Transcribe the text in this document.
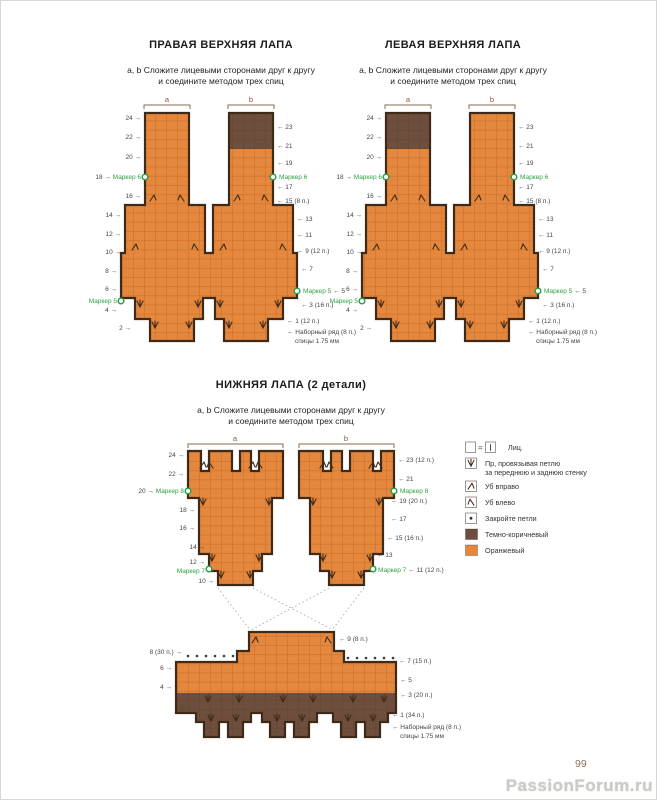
ПРАВАЯ ВЕРХНЯЯ ЛАПА	ЛЕВАЯ ВЕРХНЯЯ ЛАПА
a, b Сложите лицевыми сторонами друг к другу
и соедините методом трех спиц
a, b Сложите лицевыми сторонами друг к другу
и соедините методом трех спиц
НИЖНЯЯ ЛАПА (2 детали)
a, b Сложите лицевыми сторонами друг к другу
и соедините методом трех спиц
a	b
24 →
22 →
20 →
18 → Маркер 6
16 →
14 →
12 →
10 →
8 →
6 →
Маркер 5
4 →
2 →
← 23
← 21
← 19
Маркер 6
← 17
← 15 (8 п.)
← 13
← 11
← 9 (12 п.)
← 7
Маркер 5 ← 5
← 3 (16 п.)
← 1 (12 п.)
← Наборный ряд (8 п.)
спицы 1.75 мм
a	b
24 →
22 →
20 →
18 → Маркер 6
16 →
14 →
12 →
10 →
8 →
6 →
Маркер 5
4 →
2 →
← 23
← 21
← 19
Маркер 6
← 17
← 15 (8 п.)
← 13
← 11
← 9 (12 п.)
← 7
Маркер 5 ← 5
← 3 (16 п.)
← 1 (12 п.)
← Наборный ряд (8 п.)
спицы 1.75 мм
a	b
24 →
22 →
20 → Маркер 8
18 →
16 →
14 →
12 →
Маркер 7
10 →
← 23 (12 п.)
← 21
Маркер 8
← 19 (20 п.)
← 17
← 15 (16 п.)
← 13
Маркер 7 ← 11 (12 п.)
8 (30 п.) →
6 →
4 →
2 →
← 9 (8 п.)
← 7 (15 п.)
← 5
← 3 (20 п.)
← 1 (34 п.)
← Наборный ряд (8 п.)
спицы 1.75 мм
=	Лиц.
Пр, провязывая петлю
за переднюю и заднюю стенку
Уб вправо
Уб влево
Закройте петли
Темно-коричневый
Оранжевый
99
PassionForum.ru
